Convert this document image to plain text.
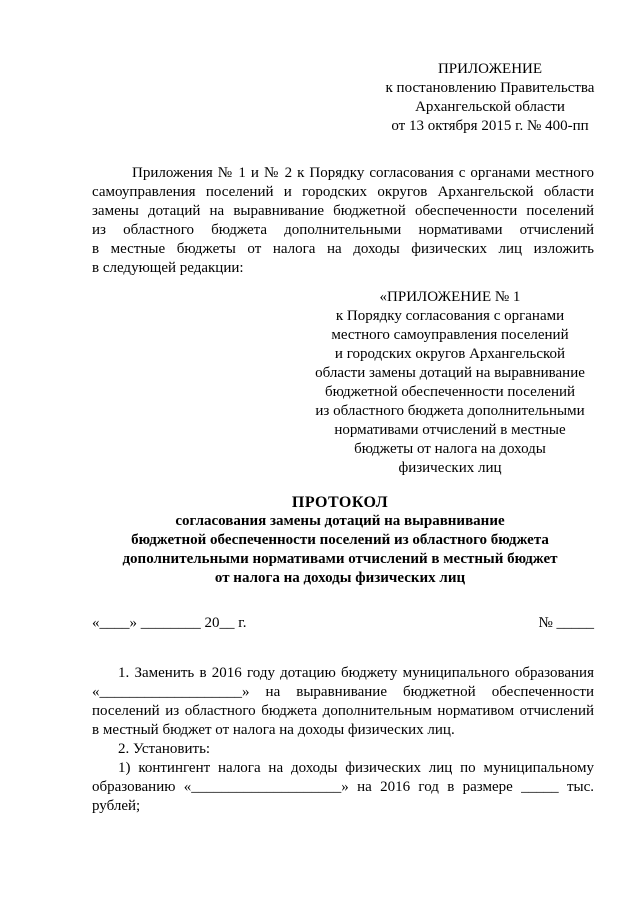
ПРИЛОЖЕНИЕ
к постановлению Правительства
Архангельской области
от 13 октября 2015 г. № 400-пп
Приложения № 1 и № 2 к Порядку согласования с органами местного
самоуправления поселений и городских округов Архангельской области
замены дотаций на выравнивание бюджетной обеспеченности поселений
из областного бюджета дополнительными нормативами отчислений
в местные бюджеты от налога на доходы физических лиц изложить
в следующей редакции:
«ПРИЛОЖЕНИЕ № 1
к Порядку согласования с органами
местного самоуправления поселений
и городских округов Архангельской
области замены дотаций на выравнивание
бюджетной обеспеченности поселений
из областного бюджета дополнительными
нормативами отчислений в местные
бюджеты от налога на доходы
физических лиц
ПРОТОКОЛ
согласования замены дотаций на выравнивание
бюджетной обеспеченности поселений из областного бюджета
дополнительными нормативами отчислений в местный бюджет
от налога на доходы физических лиц
«____» ________ 20__ г.	№ _____
1. Заменить в 2016 году дотацию бюджету муниципального образования
«___________________» на выравнивание бюджетной обеспеченности
поселений из областного бюджета дополнительным нормативом отчислений
в местный бюджет от налога на доходы физических лиц.
2. Установить:
1) контингент налога на доходы физических лиц по муниципальному
образованию «____________________» на 2016 год в размере _____ тыс.
рублей;
